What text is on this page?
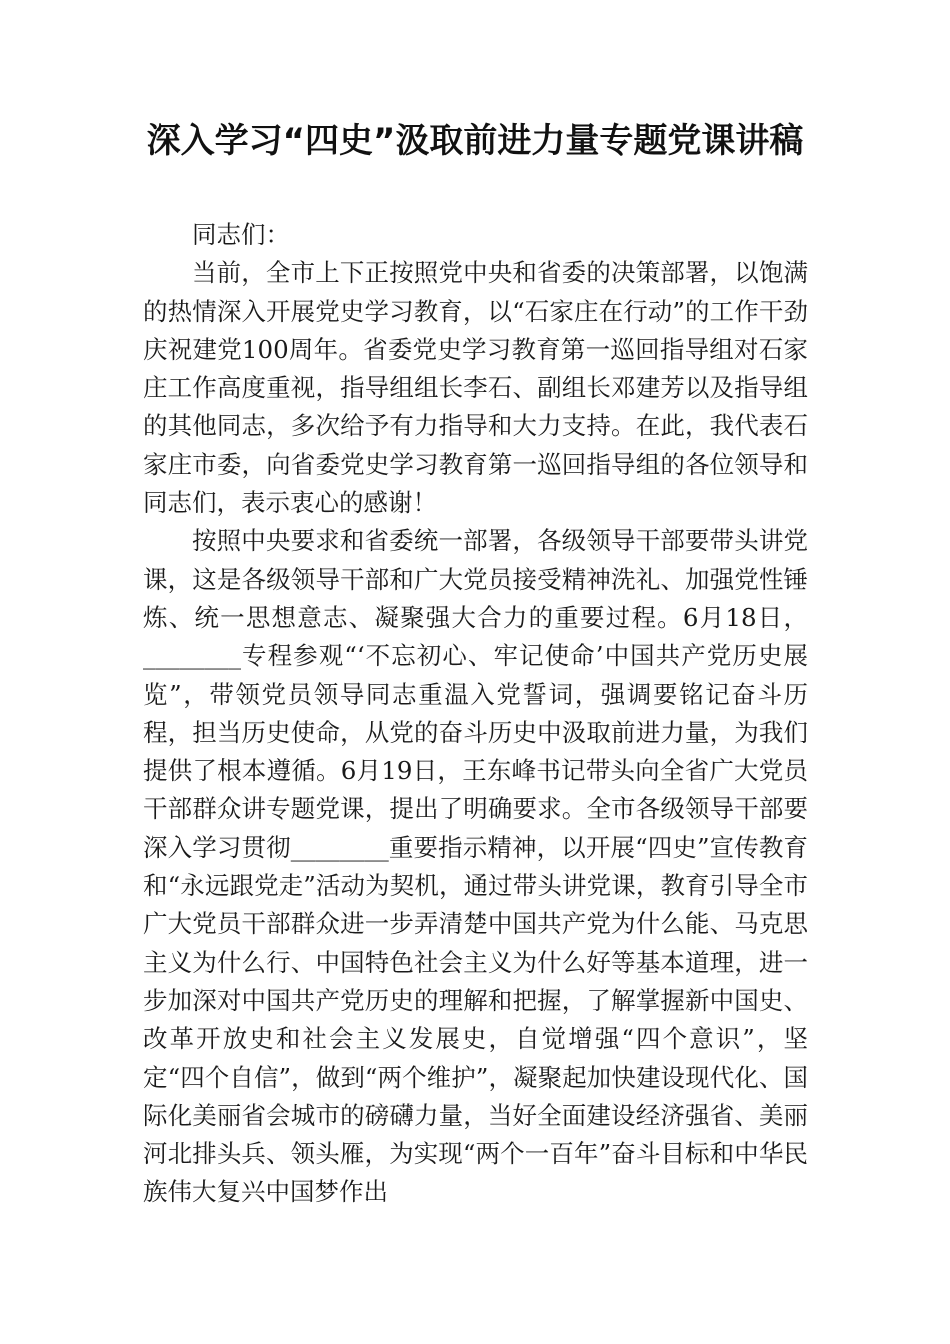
深入学习“四史”汲取前进力量专题党课讲稿

同志们：

当前，全市上下正按照党中央和省委的决策部署，以饱满的热情深入开展党史学习教育，以“石家庄在行动”的工作干劲庆祝建党100周年。省委党史学习教育第一巡回指导组对石家庄工作高度重视，指导组组长李石、副组长邓建芳以及指导组的其他同志，多次给予有力指导和大力支持。在此，我代表石家庄市委，向省委党史学习教育第一巡回指导组的各位领导和同志们，表示衷心的感谢！

按照中央要求和省委统一部署，各级领导干部要带头讲党课，这是各级领导干部和广大党员接受精神洗礼、加强党性锤炼、统一思想意志、凝聚强大合力的重要过程。6月18日，________专程参观“‘不忘初心、牢记使命’中国共产党历史展览”，带领党员领导同志重温入党誓词，强调要铭记奋斗历程，担当历史使命，从党的奋斗历史中汲取前进力量，为我们提供了根本遵循。6月19日，王东峰书记带头向全省广大党员干部群众讲专题党课，提出了明确要求。全市各级领导干部要深入学习贯彻________重要指示精神，以开展“四史”宣传教育和“永远跟党走”活动为契机，通过带头讲党课，教育引导全市广大党员干部群众进一步弄清楚中国共产党为什么能、马克思主义为什么行、中国特色社会主义为什么好等基本道理，进一步加深对中国共产党历史的理解和把握，了解掌握新中国史、改革开放史和社会主义发展史，自觉增强“四个意识”，坚定“四个自信”，做到“两个维护”，凝聚起加快建设现代化、国际化美丽省会城市的磅礴力量，当好全面建设经济强省、美丽河北排头兵、领头雁，为实现“两个一百年”奋斗目标和中华民族伟大复兴中国梦作出
